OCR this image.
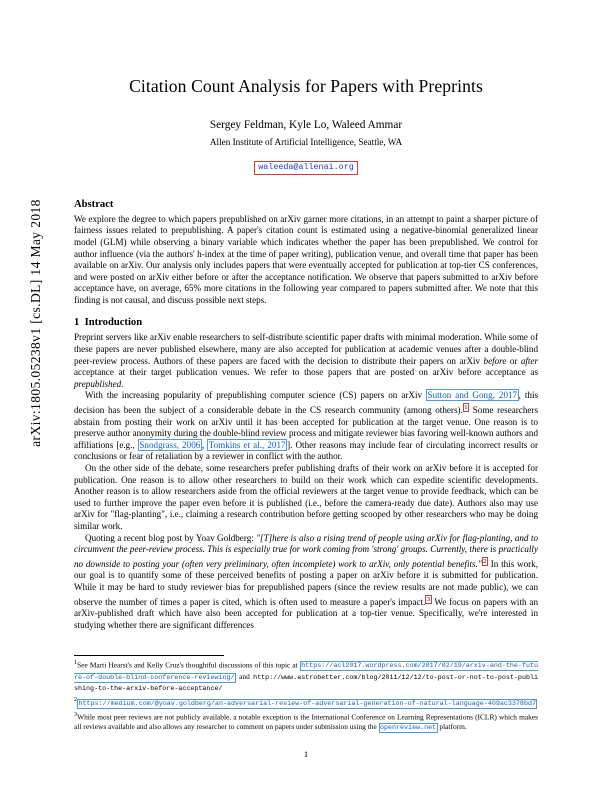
arXiv:1805.05238v1 [cs.DL] 14 May 2018
Citation Count Analysis for Papers with Preprints
Sergey Feldman, Kyle Lo, Waleed Ammar
Allen Institute of Artificial Intelligence, Seattle, WA
waleeda@allenai.org
Abstract

We explore the degree to which papers prepublished on arXiv garner more citations, in an attempt to paint a sharper picture of fairness issues related to prepublishing. A paper's citation count is estimated using a negative-binomial generalized linear model (GLM) while observing a binary variable which indicates whether the paper has been prepublished. We control for author influence (via the authors' h-index at the time of paper writing), publication venue, and overall time that paper has been available on arXiv. Our analysis only includes papers that were eventually accepted for publication at top-tier CS conferences, and were posted on arXiv either before or after the acceptance notification. We observe that papers submitted to arXiv before acceptance have, on average, 65% more citations in the following year compared to papers submitted after. We note that this finding is not causal, and discuss possible next steps.

1 Introduction

Preprint servers like arXiv enable researchers to self-distribute scientific paper drafts with minimal moderation. While some of these papers are never published elsewhere, many are also accepted for publication at academic venues after a double-blind peer-review process. Authors of these papers are faced with the decision to distribute their papers on arXiv before or after acceptance at their target publication venues. We refer to those papers that are posted on arXiv before acceptance as prepublished.

With the increasing popularity of prepublishing computer science (CS) papers on arXiv Sutton and Gong, 2017 , this decision has been the subject of a considerable debate in the CS research community (among others). $^1$ Some researchers abstain from posting their work on arXiv until it has been accepted for publication at the target venue. One reason is to preserve author anonymity during the double-blind review process and mitigate reviewer bias favoring well-known authors and affiliations [e.g., Snodgrass, 2006 , Tomkins et al., 2017 ]. Other reasons may include fear of circulating incorrect results or conclusions or fear of retaliation by a reviewer in conflict with the author.

On the other side of the debate, some researchers prefer publishing drafts of their work on arXiv before it is accepted for publication. One reason is to allow other researchers to build on their work which can expedite scientific developments. Another reason is to allow researchers aside from the official reviewers at the target venue to provide feedback, which can be used to further improve the paper even before it is published (i.e., before the camera-ready due date). Authors also may use arXiv for "flag-planting", i.e., claiming a research contribution before getting scooped by other researchers who may be doing similar work.

Quoting a recent blog post by Yoav Goldberg: "[T]here is also a rising trend of people using arXiv for flag-planting, and to circumvent the peer-review process. This is especially true for work coming from 'strong' groups. Currently, there is practically no downside to posting your (often very preliminary, often incomplete) work to arXiv, only potential benefits." $^2$ In this work, our goal is to quantify some of these perceived benefits of posting a paper on arXiv before it is submitted for publication. While it may be hard to study reviewer bias for prepublished papers (since the review results are not made public), we can observe the number of times a paper is cited, which is often used to measure a paper's impact. $^3$ We focus on papers with an arXiv-published draft which have also been accepted for publication at a top-tier venue. Specifically, we're interested in studying whether there are significant differences

$^1$See Marti Hearst's and Kelly Cruz's thoughtful discussions of this topic at https://acl2017.wordpress.com/2017/02/19/arxiv-and-the-future-of-double-blind-conference-reviewing/ and http://www.astrobetter.com/blog/2011/12/12/to-post-or-not-to-post-publishing-to-the-arxiv-before-acceptance/

$^2$https://medium.com/@yoav.goldberg/an-adversarial-review-of-adversarial-generation-of-natural-language-409ac3378bd7

$^3$While most peer reviews are not publicly available, a notable exception is the International Conference on Learning Representations (ICLR) which makes all reviews available and also allows any researcher to comment on papers under submission using the openreview.net platform.

1
